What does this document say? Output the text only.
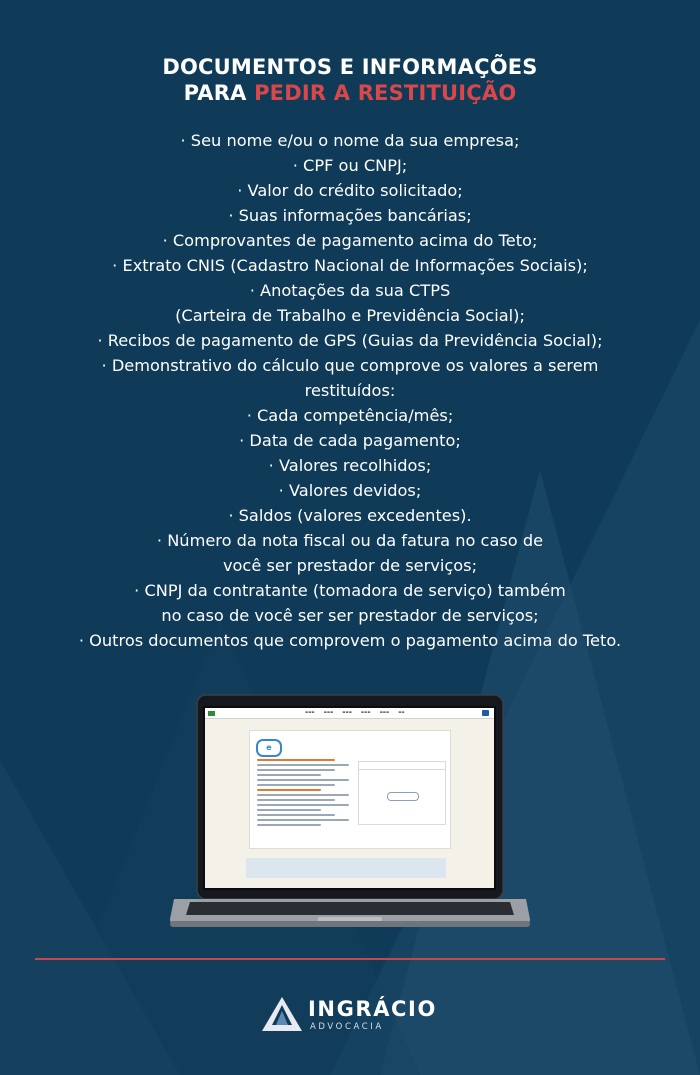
DOCUMENTOS E INFORMAÇÕES
PARA PEDIR A RESTITUIÇÃO
· Seu nome e/ou o nome da sua empresa;
· CPF ou CNPJ;
· Valor do crédito solicitado;
· Suas informações bancárias;
· Comprovantes de pagamento acima do Teto;
· Extrato CNIS (Cadastro Nacional de Informações Sociais);
· Anotações da sua CTPS
(Carteira de Trabalho e Previdência Social);
· Recibos de pagamento de GPS (Guias da Previdência Social);
· Demonstrativo do cálculo que comprove os valores a serem
restituídos:
· Cada competência/mês;
· Data de cada pagamento;
· Valores recolhidos;
· Valores devidos;
· Saldos (valores excedentes).
· Número da nota fiscal ou da fatura no caso de
você ser prestador de serviços;
· CNPJ da contratante (tomadora de serviço) também
no caso de você ser ser prestador de serviços;
· Outros documentos que comprovem o pagamento acima do Teto.
▬▬▬	▬▬▬	▬▬▬	▬▬▬	▬▬▬	▬▬
e
INGRÁCIO
ADVOCACIA
